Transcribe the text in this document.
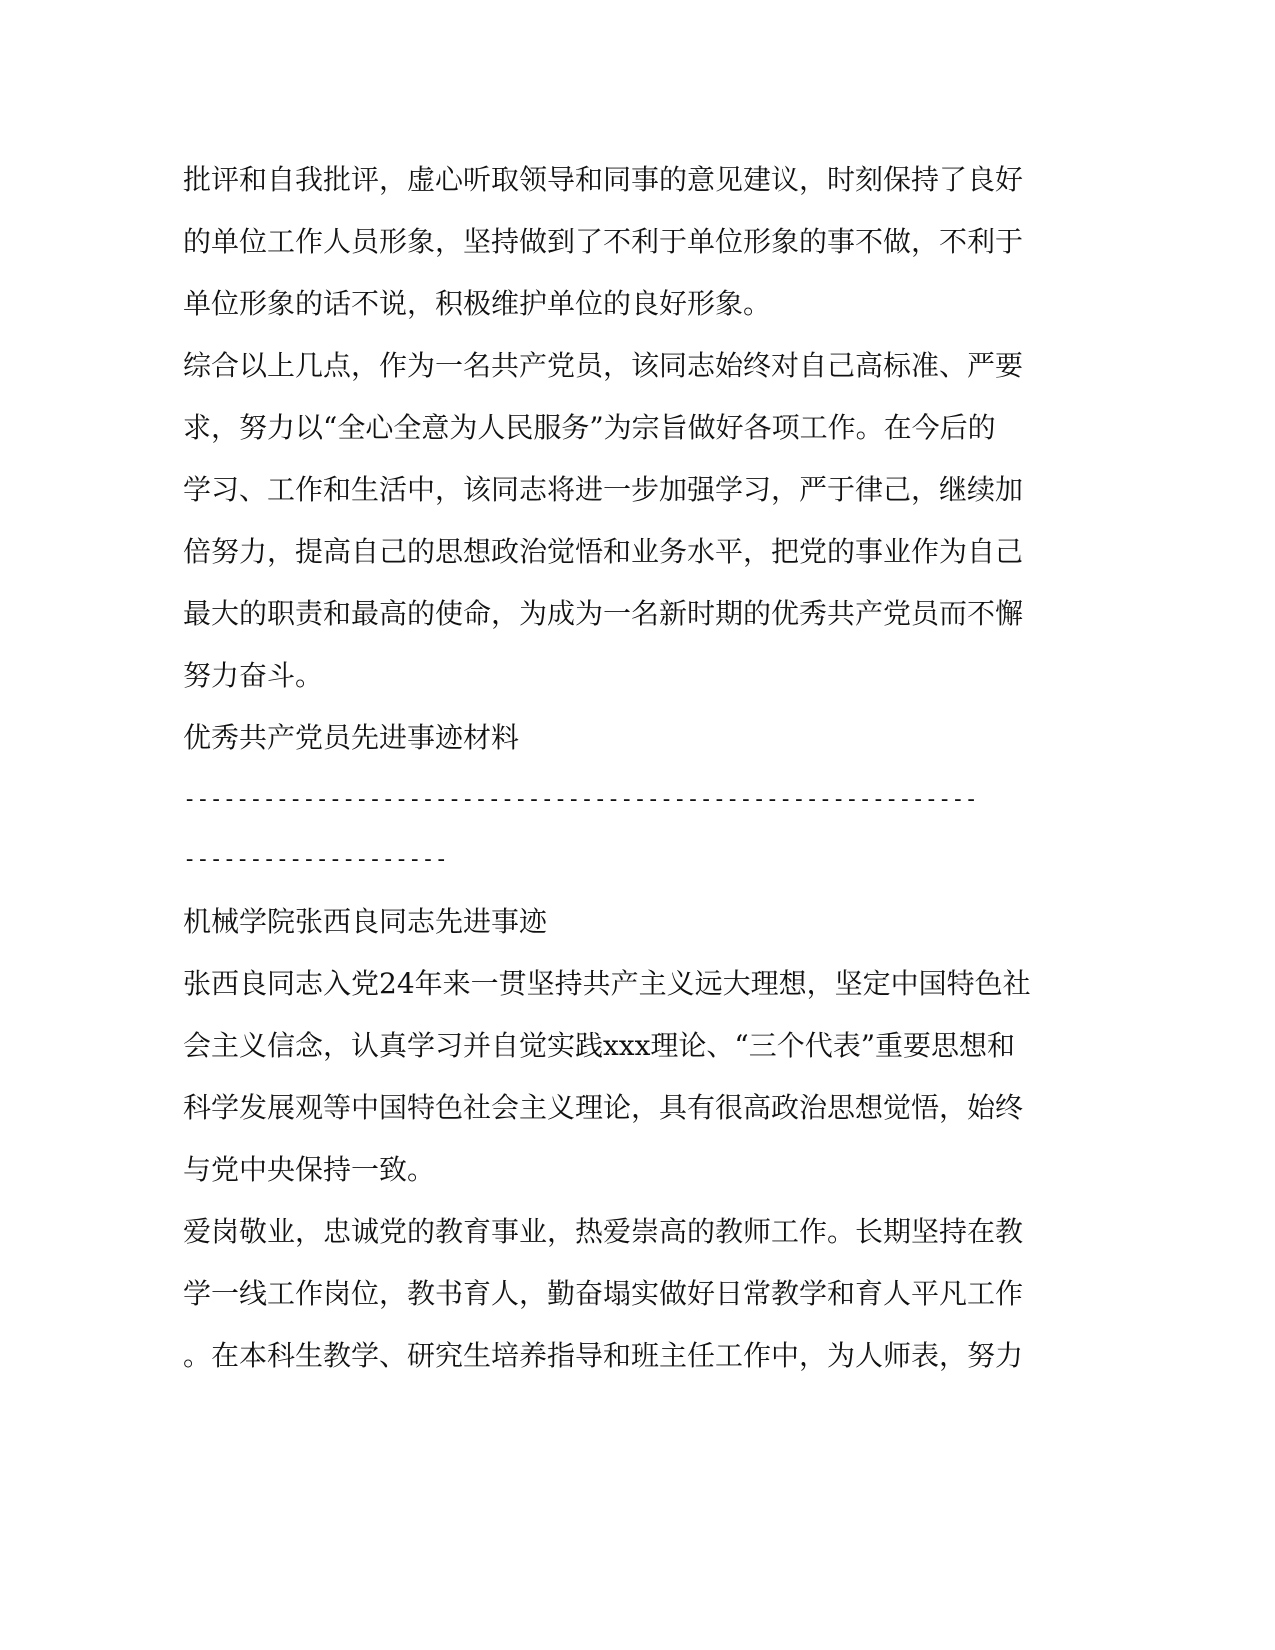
批评和自我批评，虚心听取领导和同事的意见建议，时刻保持了良好
的单位工作人员形象，坚持做到了不利于单位形象的事不做，不利于
单位形象的话不说，积极维护单位的良好形象。
综合以上几点，作为一名共产党员，该同志始终对自己高标准、严要
求，努力以“全心全意为人民服务”为宗旨做好各项工作。在今后的
学习、工作和生活中，该同志将进一步加强学习，严于律己，继续加
倍努力，提高自己的思想政治觉悟和业务水平，把党的事业作为自己
最大的职责和最高的使命，为成为一名新时期的优秀共产党员而不懈
努力奋斗。
优秀共产党员先进事迹材料
------------------------------------------------------------
--------------------
机械学院张西良同志先进事迹
张西良同志入党24年来一贯坚持共产主义远大理想，坚定中国特色社
会主义信念，认真学习并自觉实践xxx理论、“三个代表”重要思想和
科学发展观等中国特色社会主义理论，具有很高政治思想觉悟，始终
与党中央保持一致。
爱岗敬业，忠诚党的教育事业，热爱崇高的教师工作。长期坚持在教
学一线工作岗位，教书育人，勤奋塌实做好日常教学和育人平凡工作
。在本科生教学、研究生培养指导和班主任工作中，为人师表，努力
